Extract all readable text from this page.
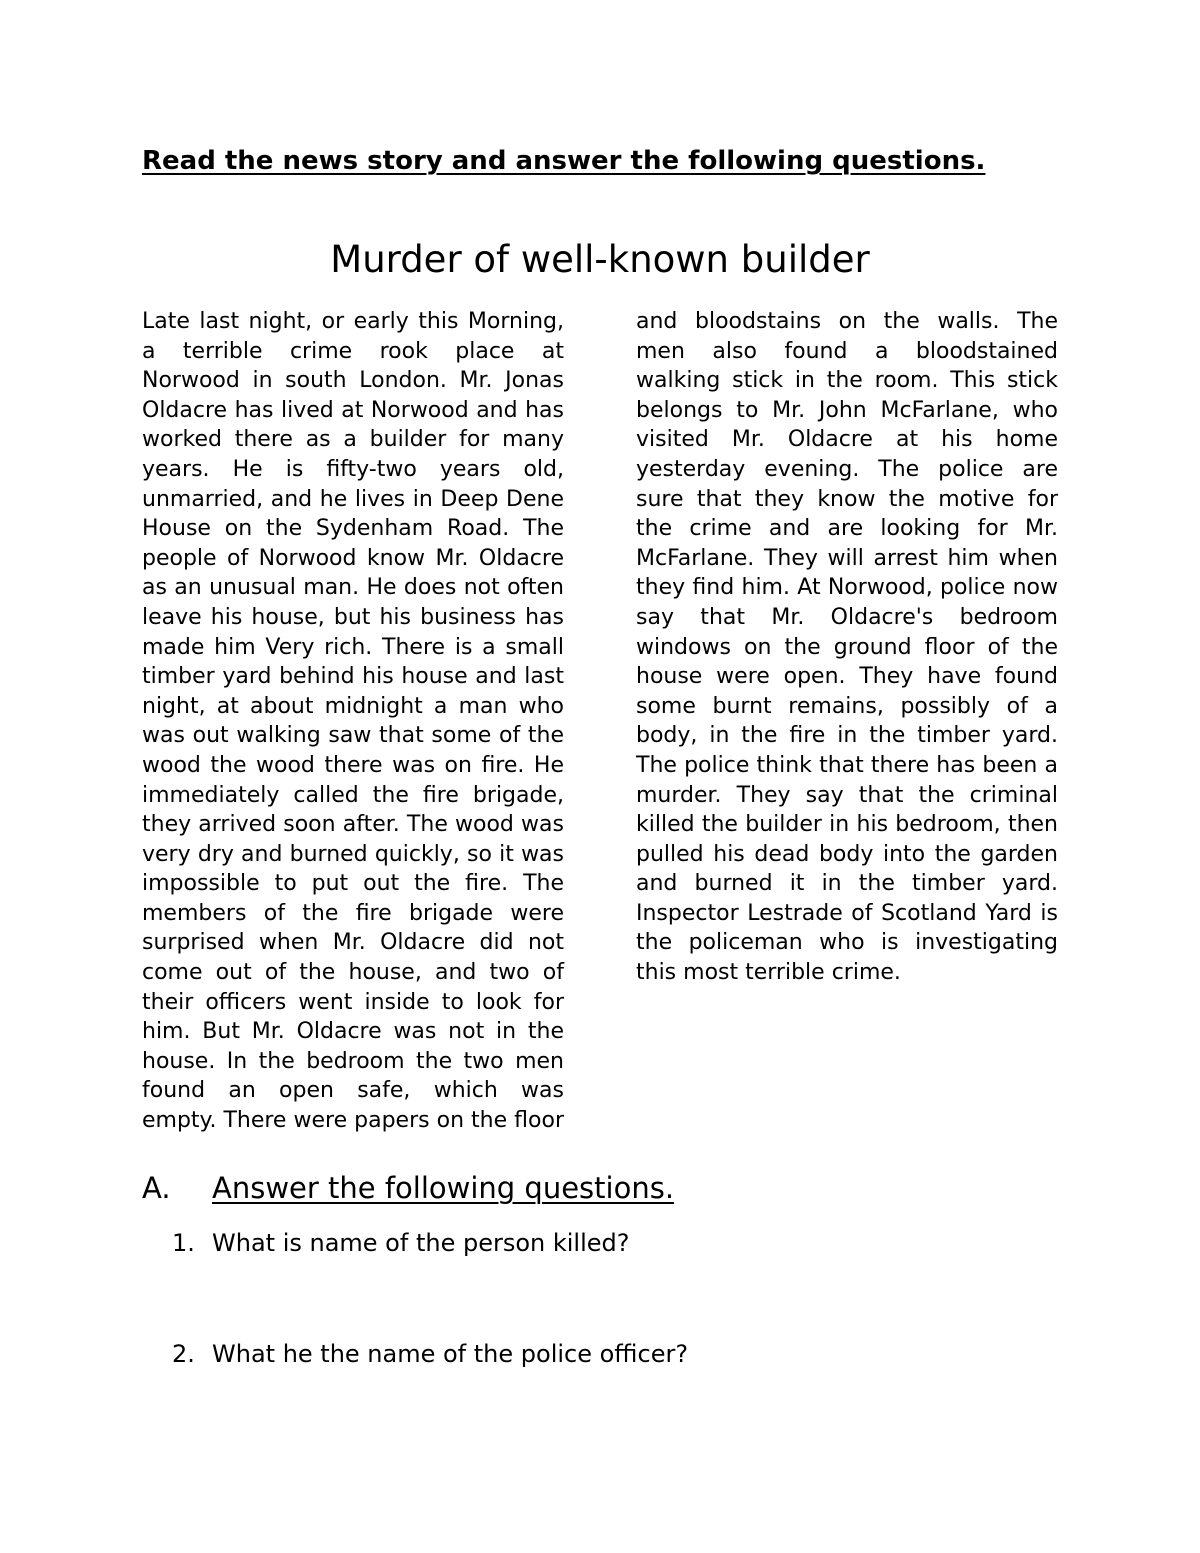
Read the news story and answer the following questions.
Murder of well-known builder

Late last night, or early this Morning, a terrible crime rook place at Norwood in south London. Mr. Jonas Oldacre has lived at Norwood and has worked there as a builder for many years. He is fifty-two years old, unmarried, and he lives in Deep Dene House on the Sydenham Road. The people of Norwood know Mr. Oldacre as an unusual man. He does not often leave his house, but his business has made him Very rich. There is a small timber yard behind his house and last night, at about midnight a man who was out walking saw that some of the wood the wood there was on fire. He immediately called the fire brigade, they arrived soon after. The wood was very dry and burned quickly, so it was impossible to put out the fire. The members of the fire brigade were surprised when Mr. Oldacre did not come out of the house, and two of their officers went inside to look for him. But Mr. Oldacre was not in the house. In the bedroom the two men found an open safe, which was empty. There were papers on the floor and bloodstains on the walls. The men also found a bloodstained walking stick in the room. This stick belongs to Mr. John McFarlane, who visited Mr. Oldacre at his home yesterday evening. The police are sure that they know the motive for the crime and are looking for Mr. McFarlane. They will arrest him when they find him. At Norwood, police now say that Mr. Oldacre's bedroom windows on the ground floor of the house were open. They have found some burnt remains, possibly of a body, in the fire in the timber yard. The police think that there has been a murder. They say that the criminal killed the builder in his bedroom, then pulled his dead body into the garden and burned it in the timber yard. Inspector Lestrade of Scotland Yard is the policeman who is investigating this most terrible crime.

A. Answer the following questions.
1. What is name of the person killed?
2. What he the name of the police officer?
